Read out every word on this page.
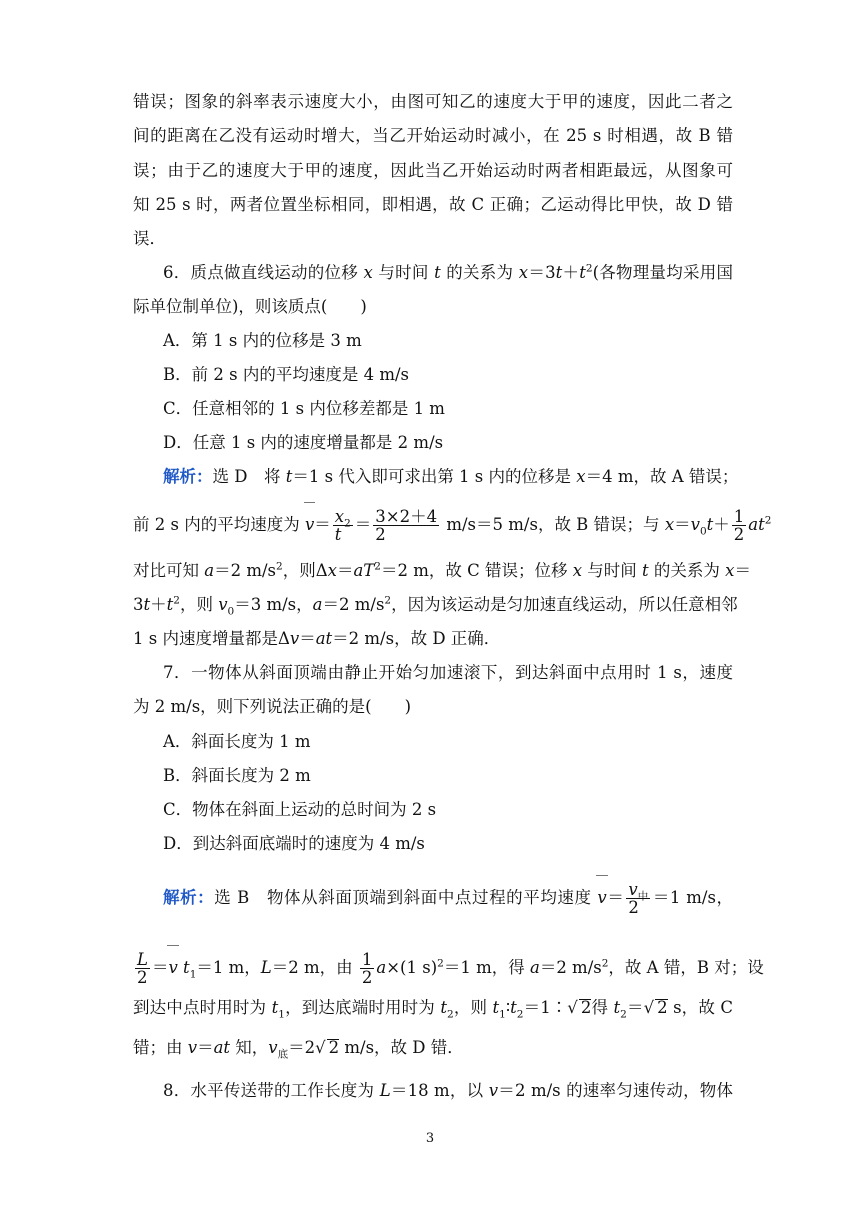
错误；图象的斜率表示速度大小，由图可知乙的速度大于甲的速度，因此二者之
间的距离在乙没有运动时增大，当乙开始运动时减小，在 25 s 时相遇，故 B 错
误；由于乙的速度大于甲的速度，因此当乙开始运动时两者相距最远，从图象可
知 25 s 时，两者位置坐标相同，即相遇，故 C 正确；乙运动得比甲快，故 D 错
误．
6．质点做直线运动的位移 x 与时间 t 的关系为 $x=3t+t^2$(各物理量均采用国
际单位制单位)，则该质点(　　)
A．第 1 s 内的位移是 3 m
B．前 2 s 内的平均速度是 4 m/s
C．任意相邻的 1 s 内位移差都是 1 m
D．任意 1 s 内的速度增量都是 2 m/s
解析：选 D　将 t＝1 s 代入即可求出第 1 s 内的位移是 x＝4 m，故 A 错误；
前 2 s 内的平均速度为 $v= \frac{x_2}{t} = \frac{3\times 2+4}{2} m/s=5$ m/s，故 B 错误；与 $x=v_0t+ \frac{1}{2} at^2$
对比可知 a＝2 $m/s^2$，则$\Delta x=aT^2=2$ m，故 C 错误；位移 x 与时间 t 的关系为 x＝
$3t+t^2$，则 $v_0=3$ m/s，a＝2 $m/s^2$，因为该运动是匀加速直线运动，所以任意相邻
1 s 内速度增量都是Δv＝at＝2 m/s，故 D 正确．
7．一物体从斜面顶端由静止开始匀加速滚下，到达斜面中点用时 1 s，速度
为 2 m/s，则下列说法正确的是(　　)
A．斜面长度为 1 m
B．斜面长度为 2 m
C．物体在斜面上运动的总时间为 2 s
D．到达斜面底端时的速度为 4 m/s
解析：选 B　物体从斜面顶端到斜面中点过程的平均速度 $v= \frac{v_中}{2} =1$ m/s，
$\frac{L}{2} =v$ $t_1=1$ m，L＝2 m，由 $\frac{1}{2} a\times(1$ s)$^2$＝1 m，得 a＝2 $m/s^2$，故 A 错，B 对；设
到达中点时用时为 $t_1$，到达底端时用时为 $t_2$，则 $t_1∶t_2=1∶√$ 2得 $t_2=√$ 2 s，故 C
错；由 v＝at 知，$v_底=2√$ 2 m/s，故 D 错．
8．水平传送带的工作长度为 L＝18 m，以 v＝2 m/s 的速率匀速传动，物体
3
